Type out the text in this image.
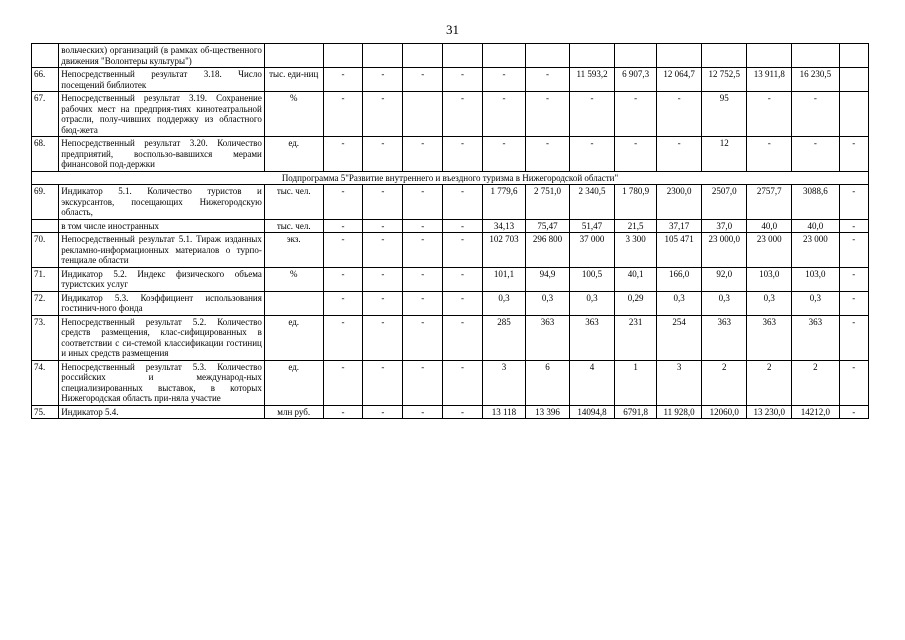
31
	вольческих) организаций (в рамках об-щественного движения "Волонтеры культуры")														
66.	Непосредственный результат 3.18. Число посещений библиотек	тыс. еди-ниц	-	-	-	-	-	-	11 593,2	6 907,3	12 064,7	12 752,5	13 911,8	16 230,5	
67.	Непосредственный результат 3.19. Сохранение рабочих мест на предприя-тиях кинотеатральной отрасли, полу-чивших поддержку из областного бюд-жета	%	-	-		-	-	-	-	-	-	95	-	-	
68.	Непосредственный результат 3.20. Количество предприятий, воспользо-вавшихся мерами финансовой под-держки	ед.	-	-	-	-	-	-	-	-	-	12	-	-	-
Подпрограмма 5"Развитие внутреннего и въездного туризма в Нижегородской области"															
69.	Индикатор 5.1. Количество туристов и экскурсантов, посещающих Нижегородскую область,	тыс. чел.	-	-	-	-	1 779,6	2 751,0	2 340,5	1 780,9	2300,0	2507,0	2757,7	3088,6	-
	в том числе иностранных	тыс. чел.	-	-	-	-	34,13	75,47	51,47	21,5	37,17	37,0	40,0	40,0	-
70.	Непосредственный результат 5.1. Тираж изданных рекламно-информационных материалов о турпо-тенциале области	экз.	-	-	-	-	102 703	296 800	37 000	3 300	105 471	23 000,0	23 000	23 000	-
71.	Индикатор 5.2. Индекс физического объема туристских услуг	%	-	-	-	-	101,1	94,9	100,5	40,1	166,0	92,0	103,0	103,0	-
72.	Индикатор 5.3. Коэффициент использования гостинич-ного фонда		-	-	-	-	0,3	0,3	0,3	0,29	0,3	0,3	0,3	0,3	-
73.	Непосредственный результат 5.2. Количество средств размещения, клас-сифицированных в соответствии с си-стемой классификации гостиниц и иных средств размещения	ед.	-	-	-	-	285	363	363	231	254	363	363	363	-
74.	Непосредственный результат 5.3. Количество российских и международ-ных специализированных выставок, в которых Нижегородская область при-няла участие	ед.	-	-	-	-	3	6	4	1	3	2	2	2	-
75.	Индикатор 5.4.	млн руб.	-	-	-	-	13 118	13 396	14094,8	6791,8	11 928,0	12060,0	13 230,0	14212,0	-
